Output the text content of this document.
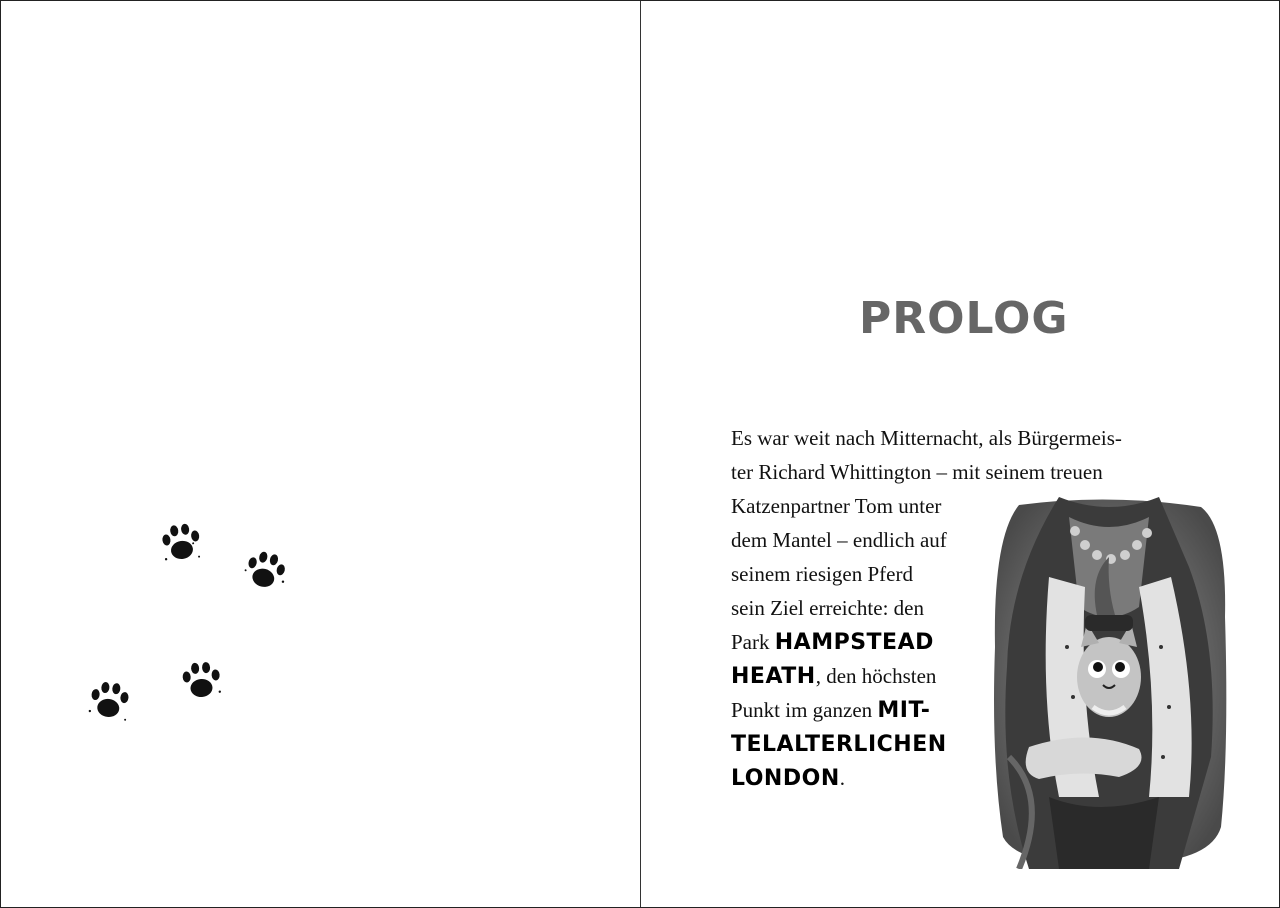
PROLOG
Es war weit nach Mitternacht, als Bürgermeis-
ter Richard Whittington – mit seinem treuen
Katzenpartner Tom unter
dem Mantel – endlich auf
seinem riesigen Pferd
sein Ziel erreichte: den
Park HAMPSTEAD
HEATH, den höchsten
Punkt im ganzen MIT-
TELALTERLICHEN
LONDON.
